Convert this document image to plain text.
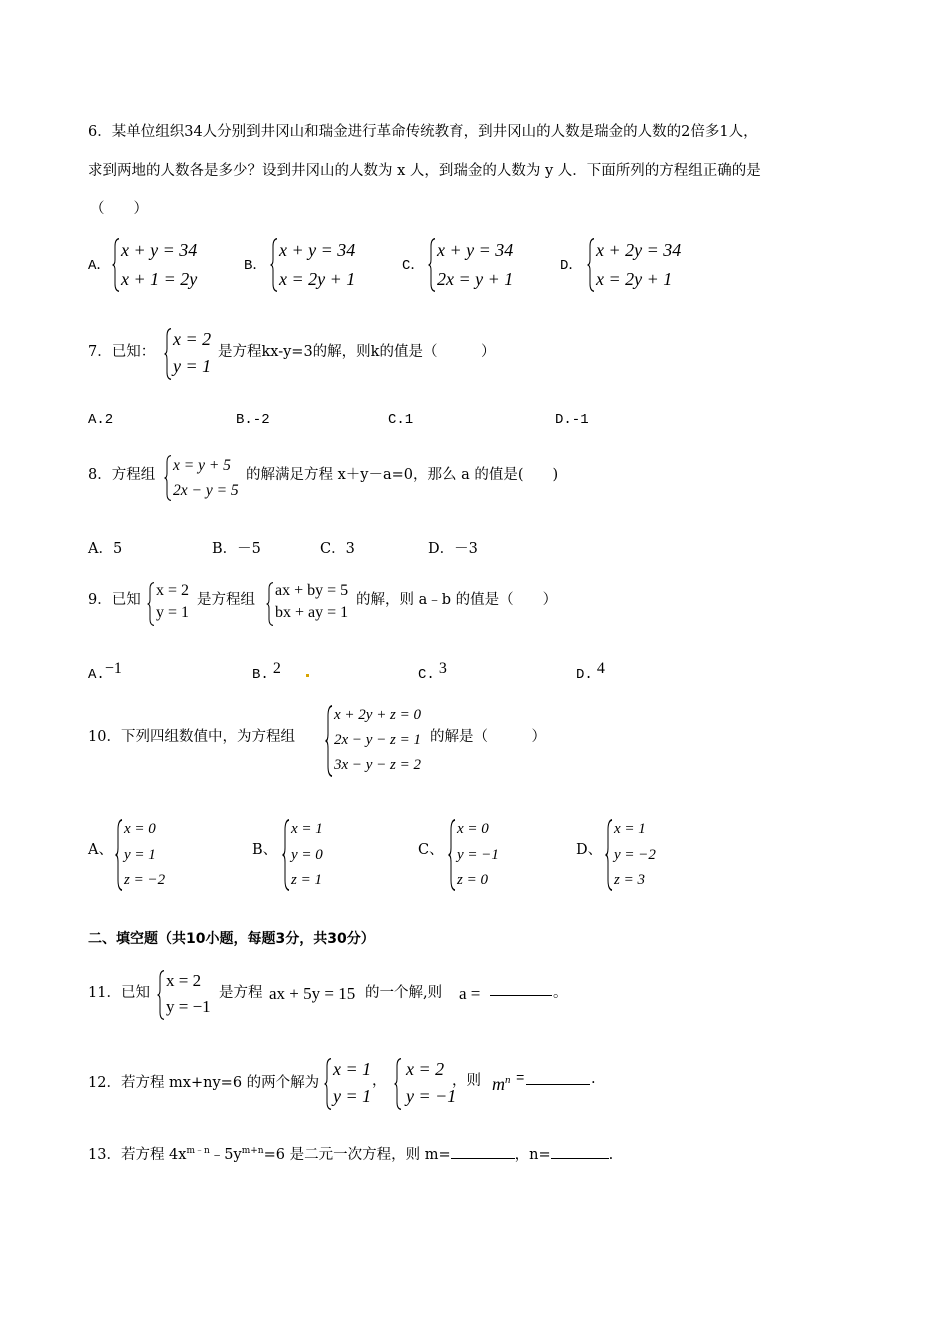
6．某单位组织34人分别到井冈山和瑞金进行革命传统教育，到井冈山的人数是瑞金的人数的2倍多1人，
求到两地的人数各是多少？设到井冈山的人数为 x 人，到瑞金的人数为 y 人．下面所列的方程组正确的是
（　　）
A．
x + y = 34
x + 1 = 2y
B．
x + y = 34
x = 2y + 1
C．
x + y = 34
2x = y + 1
D．
x + 2y = 34
x = 2y + 1
7．已知：
x = 2
y = 1
是方程kx-y=3的解，则k的值是（　　　）
A.2	B.-2	C.1	D.-1
8．方程组
x = y + 5
2x − y = 5
的解满足方程 x＋y－a=0，那么 a 的值是(　　)
A．5	B．－5	C．3	D．－3
9．已知
x = 2
y = 1
是方程组
ax + by = 5
bx + ay = 1
的解，则 a﹣b 的值是（　　）
A.−1	B. 2	C. 3	D. 4
10．下列四组数值中，为方程组
x + 2y + z = 0
2x − y − z = 1
3x − y − z = 2
的解是（　　　）
A、
x = 0
y = 1
z = −2
B、
x = 1
y = 0
z = 1
C、
x = 0
y = −1
z = 0
D、
x = 1
y = −2
z = 3
二、填空题（共10小题，每题3分，共30分）
11．已知
x = 2
y = −1
是方程 ax + 5y = 15 的一个解,则 a =	。
12．若方程 mx+ny=6 的两个解为
x = 1
y = 1
，
x = 2
y = −1
，则 $m^n$ =	.
13．若方程 $4x^{m﹣n}﹣5y^{m+n}=6$ 是二元一次方程，则 m=	，n=	.
